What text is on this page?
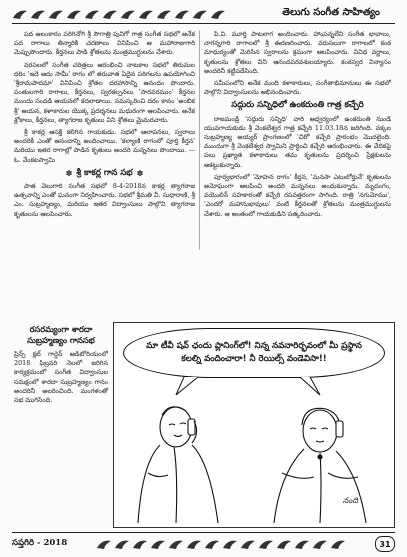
తెలుగు సంగీత సాహిత్యం

పద ఆలంకారం పరిగినోగి శ్రీ సౌగాత్రి పునిగో గాత్ర సంగీత సభలో అనేక పద రాగాలు తిన్మారికి చరణాలు వినిపించి ఆ మహారాజుగారి మెప్పుపొందారు. కీర్తనలు పాడి శ్రోతలను మంత్రముగ్ధులను చేశారు.

వరసలలో సంగీత చరిత్రలు ఆరంభించి నాటకాల సభలో తిరుమల దరిం 'ఇదె ఆదు సామీ' రాగం లో తరువాత ఏదైన పరిగలను ఉపయోగించి 'శ్రీరామపాదమా' వినిపించి శ్రోతల దరహాసాన్ని ఆనందం పొందారు. పంతులగారి రాగాలు, కీర్తనలు, స్వరకల్పనలు 'సారవరముం' కీర్తనల ముందు సందడి ఆయనలో కదలాడాయి. నమస్కరించి దరం కానం 'అంబిక శ్రీ' ఆయన, కళాకారుల యొక్క ప్రదర్శనలు మధురంగా ఆలపించారు. అనేక శ్లోకాలు, కీర్తనలు, త్యాగరాజ కృతులు విని శ్రోతలు మైమరచారు.

శ్రీ కాకర్ల ఆసక్తి కలిగిన గాయకుడు. సభలో ఆలాపనలు, స్వరాలు అందరికీ ఎంతో ఆనందాన్ని అందించాయి. 'కల్యాణి రాగంలో పూర్తి కీర్తన' మరియు ఇతర రాగాల్లో పాడిన కృతులు అందరి మన్ననలు పొందాయి. — ఓ. వేంకటస్వామి

✽ శ్రీ కాకర్ల గాన సభ ✽

పాత వెలుగారి సంగీత సభలో 8-4-2018న కాకర్ల త్యాగరాజ ఉత్సవాన్ని ఎంతో ఘనంగా నిర్వహించారు. సభలో శ్రీమతి వీ. సుధారాణి, శ్రీ ఎం. సుబ్రహ్మణ్యం, మరియు ఇతర విద్వాంసులు పాల్గొని త్యాగరాజ కృతులను ఆలపించారు.

పి.వి. మూర్తి పాటలాగ అందించారు. హాంపన్నలేని సంగీత భావాలు, నాగన్నగారి రాగాలలో శ్రీ ఈరణరించారు. వరుసలుగా రాగాలలో కంఠ మాధుర్యంతో మెరిసిన స్వరాలను క్రమంగా ఆలపించారు. వివిధ వర్ణాలు, కృతులను శ్రోతలు విని ఆనందపరవశులయ్యారు. కంఠస్వర విన్యాసం అందరినీ కట్టిపడేసింది.

సమీపంలోని అనేక మంది కళాకారులు, సంగీతాభిమానులు ఈ సభలో పాల్గొని విద్వాంసులను అభినందించారు.

సద్గురు సన్నిధిలో ఉంకరుంతి గాత్ర కచ్చేరి

రాజమండ్రి 'సద్గురు సన్నిధి' వారి ఆధ్వర్యంలో ఉంకరుంతి నుండి యువగాయకుడు శ్రీ వెంకటేశ్వర గాత్ర కచ్చేరి 11.03.18న జరిగింది. వక్కల సుబ్రహ్మణ్య అయ్యర్ ప్రాంగణంలో 'చిరో' కచ్చేరి ప్రారంభం మొదలైంది. ముందుగా శ్రీ వెంకటేశ్వర స్వామిని ప్రార్థించి కచ్చేరి ఆరంభించారు. ఈ వేదికపై పలు ప్రఖ్యాత కళాకారులు తమ కృతులను ప్రదర్శించి ప్రేక్షకులను ఆకట్టుకున్నారు.

పూర్వభాగంలో 'మోహన రాగం' కీర్తన, 'మనసా ఎటులోర్తునే' కృతులను అమోఘంగా ఆలపించి అందరి మన్ననలు అందుకున్నారు. మృదంగం, వయొలిన్ సహకారంతో కచ్చేరి రసవత్తరంగా సాగింది. రాత్రి 'నగుమోము', 'ఎందరో మహానుభావులు' వంటి కీర్తనలతో శ్రోతలను మంత్రముగ్ధులను చేశారు. ఆ అంతంలో గాయకుడిని సత్కరించారు.

రసరమ్యంగా శారదా సుబ్రహ్మణ్యం గానసభ

ప్రిన్స్ క్లబ్ గార్డెన్ ఆడిటోరియంలో 2018 ఫిబ్రవరి నెలలో జరిగిన కార్యక్రమంలో సంగీత విద్వాంసుల సమక్షంలో శారదా సుబ్రహ్మణ్యం గానం అందరినీ అలరించింది. మంగళంతో సభ ముగిసింది.

మా టీవీ షవ్ ఛందు ప్లానింగ్‌లో! నిన్న నవనారిర్భవంలో మీ ప్రస్థాన కలల్ని వందించారా! నీ రెయిల్స్ వండెవిసా!!
నంది
సప్తగిరి - 2018	31
